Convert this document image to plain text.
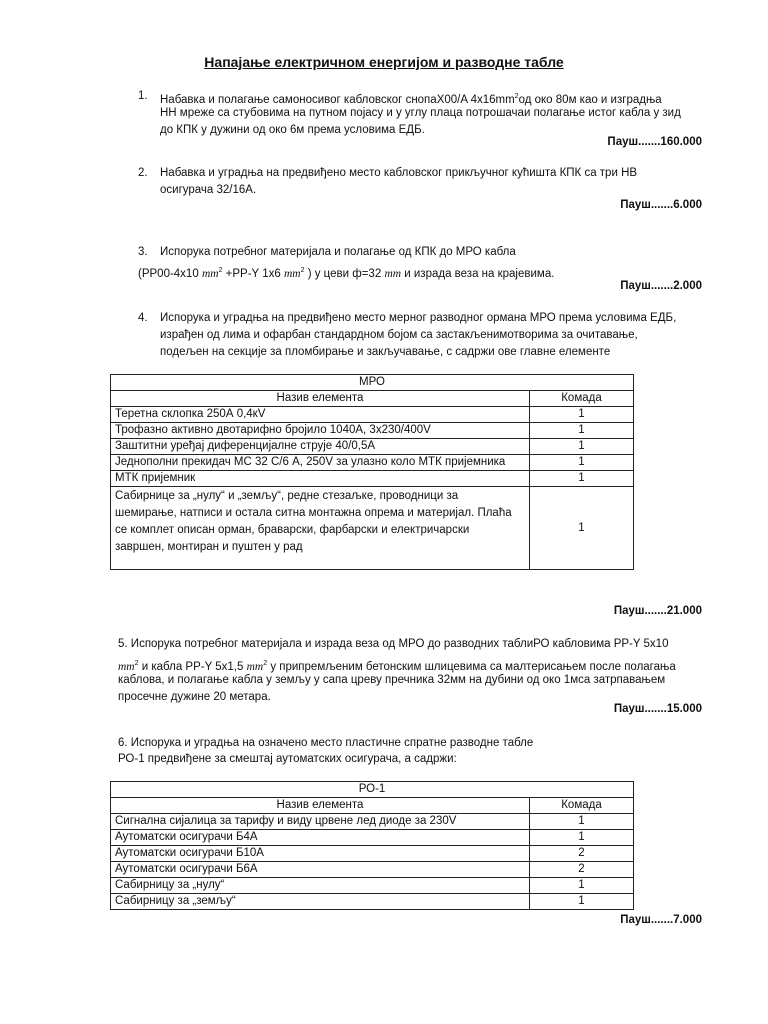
Напајање електричном енергијом и разводне табле
1. Набавка и полагање самоносивог кабловског снопаX00/A $4x16mm^2од$ око 80м као и изградња
НН мреже са стубовима на путном појасу и у углу плаца потрошачаи полагање истог кабла у зид
до КПК у дужини од око 6м према условима ЕДБ.
Пауш.......160.000
2. Набавка и уградња на предвиђено место кабловског прикључног кућишта КПК са три НВ
осигурача 32/16А.
Пауш.......6.000
3. Испорука потребног материјала и полагање од КПК до МРО кабла
(PP00-4x10 $mm^2 +PP-Y$ 1x6 $mm^2$ ) у цеви ф=32 mm и израда веза на крајевима.
Пауш.......2.000
4. Испорука и уградња на предвиђено место мерног разводног ормана МРО према условима ЕДБ,
израђен од лима и офарбан стандардном бојом са застакљенимотворима за очитавање,
подељен на секције за пломбирање и закључавање, с садржи ове главне елементе
МРО	
Назив елемента	Комада
Теретна склопка 250А 0,4кV	1
Трофазно активно двотарифно бројило 1040А, 3х230/400V	1
Заштитни уређај диференцијалне струје 40/0,5А	1
Једнополни прекидач МС 32 С/6 А, 250V за улазно коло МТК пријемника	1
МТК пријемник	1

Сабирнице за „нулу“ и „земљу“, редне стезаљке, проводници за
шемирање, натписи и остала ситна монтажна опрема и материјал. Плаћа
се комплет описан орман, браварски, фарбарски и електричарски
завршен, монтиран и пуштен у рад	1
Пауш.......21.000
5. Испорука потребног материјала и израда веза од МРО до разводних таблиРО кабловима PP-Y 5x10
$mm^2$ и кабла PP-Y 5x1,5 $mm^2$ у припремљеним бетонским шлицевима са малтерисањем после полагања
каблова, и полагање кабла у земљу у сапа цреву пречника 32мм на дубини од око 1мса затрпавањем
просечне дужине 20 метара.
Пауш.......15.000
6. Испорука и уградња на означено место пластичне спратне разводне табле
РО-1 предвиђене за смештај аутоматских осигурача, а садржи:
РО-1	
Назив елемента	Комада
Сигнална сијалица за тарифу и виду црвене лед диоде за 230V	1
Аутоматски осигурачи Б4А	1
Аутоматски осигурачи Б10А	2
Аутоматски осигурачи Б6А	2
Сабирницу за „нулу“	1
Сабирницу за „земљу“	1
Пауш.......7.000
